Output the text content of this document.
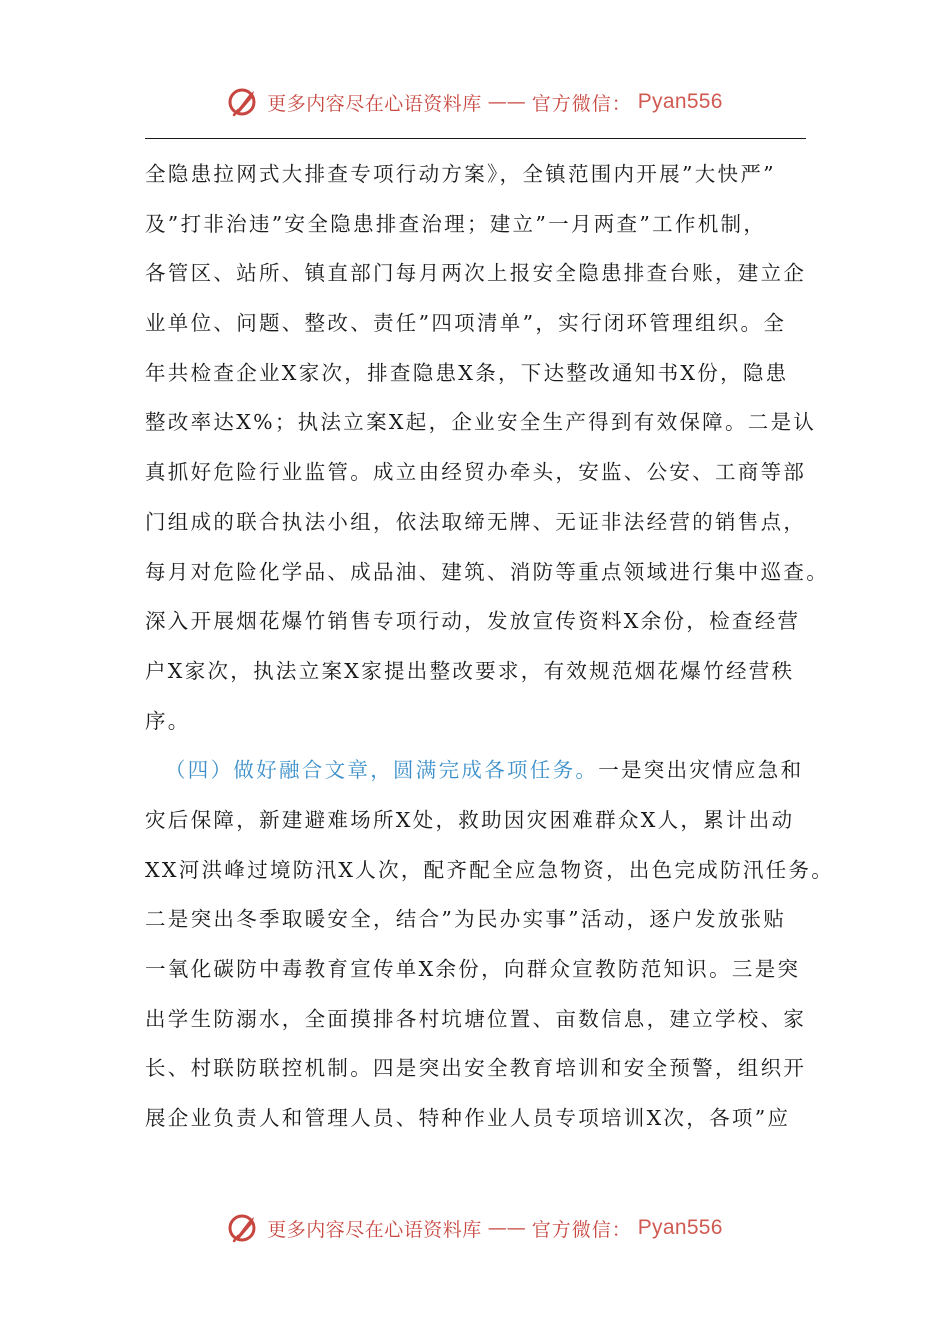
更多内容尽在心语资料库 —— 官方微信： Pyan556
全隐患拉网式大排查专项行动方案》，全镇范围内开展”大快严”
及”打非治违”安全隐患排查治理；建立”一月两查”工作机制，
各管区、站所、镇直部门每月两次上报安全隐患排查台账，建立企
业单位、问题、整改、责任”四项清单”，实行闭环管理组织。全
年共检查企业X家次，排查隐患X条，下达整改通知书X份，隐患
整改率达X%；执法立案X起，企业安全生产得到有效保障。二是认
真抓好危险行业监管。成立由经贸办牵头，安监、公安、工商等部
门组成的联合执法小组，依法取缔无牌、无证非法经营的销售点，
每月对危险化学品、成品油、建筑、消防等重点领域进行集中巡查。
深入开展烟花爆竹销售专项行动，发放宣传资料X余份，检查经营
户X家次，执法立案X家提出整改要求，有效规范烟花爆竹经营秩
序。
（四）做好融合文章，圆满完成各项任务。一是突出灾情应急和
灾后保障，新建避难场所X处，救助因灾困难群众X人，累计出动
XX河洪峰过境防汛X人次，配齐配全应急物资，出色完成防汛任务。
二是突出冬季取暖安全，结合”为民办实事”活动，逐户发放张贴
一氧化碳防中毒教育宣传单X余份，向群众宣教防范知识。三是突
出学生防溺水，全面摸排各村坑塘位置、亩数信息，建立学校、家
长、村联防联控机制。四是突出安全教育培训和安全预警，组织开
展企业负责人和管理人员、特种作业人员专项培训X次，各项”应
更多内容尽在心语资料库 —— 官方微信： Pyan556
